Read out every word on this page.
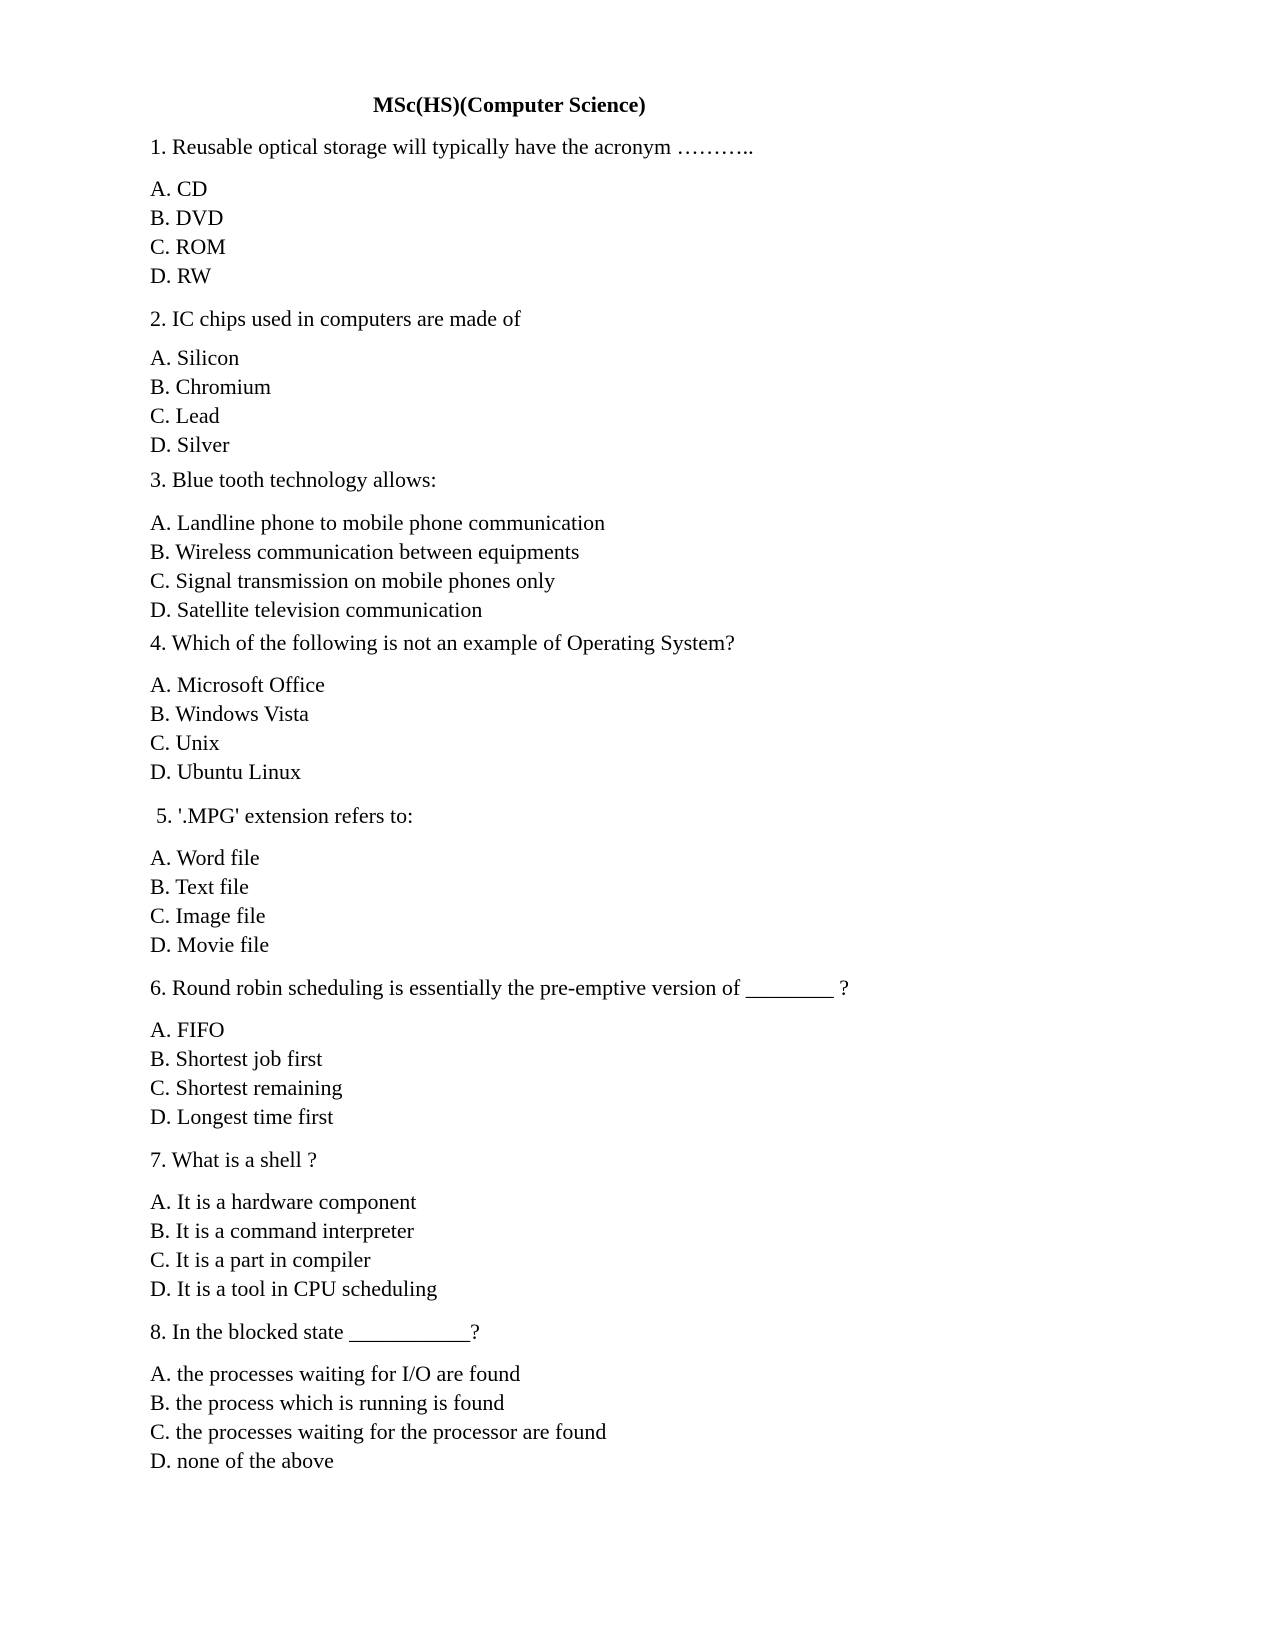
MSc(HS)(Computer Science)
1. Reusable optical storage will typically have the acronym ………..
A. CD
B. DVD
C. ROM
D. RW
2. IC chips used in computers are made of
A. Silicon
B. Chromium
C. Lead
D. Silver
3. Blue tooth technology allows:
A. Landline phone to mobile phone communication
B. Wireless communication between equipments
C. Signal transmission on mobile phones only
D. Satellite television communication
4. Which of the following is not an example of Operating System?
A. Microsoft Office
B. Windows Vista
C. Unix
D. Ubuntu Linux
5. '.MPG' extension refers to:
A. Word file
B. Text file
C. Image file
D. Movie file
6. Round robin scheduling is essentially the pre-emptive version of ________ ?
A. FIFO
B. Shortest job first
C. Shortest remaining
D. Longest time first
7. What is a shell ?
A. It is a hardware component
B. It is a command interpreter
C. It is a part in compiler
D. It is a tool in CPU scheduling
8. In the blocked state ___________?
A. the processes waiting for I/O are found
B. the process which is running is found
C. the processes waiting for the processor are found
D. none of the above
